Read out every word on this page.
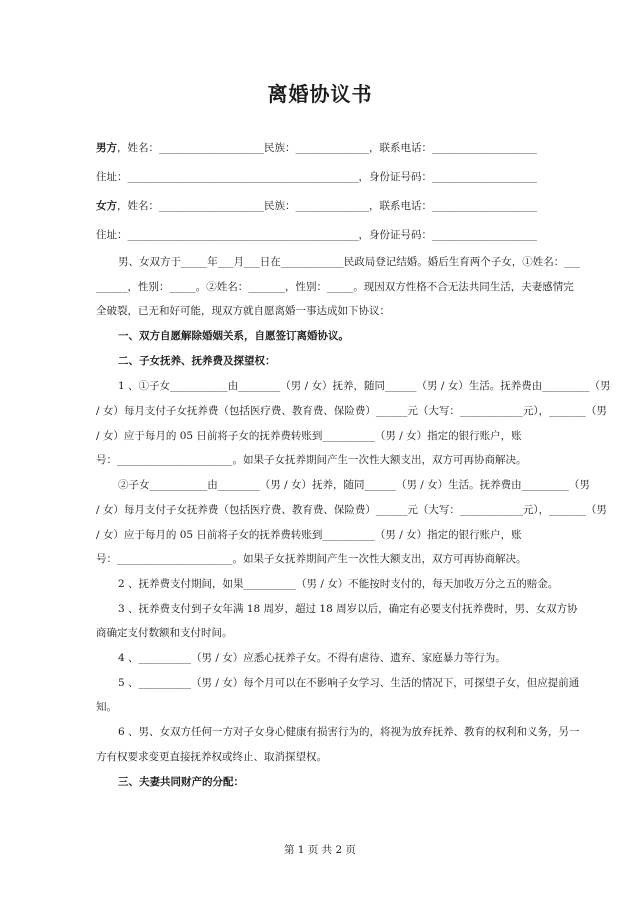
离婚协议书
男方，姓名：____________________民族：______________，联系电话：____________________
住址：____________________________________________，身份证号码：____________________
女方，姓名：____________________民族：______________，联系电话：____________________
住址：____________________________________________，身份证号码：____________________
男、女双方于_____年___月___日在____________民政局登记结婚。婚后生育两个子女，①姓名：___
______，性别：_____。②姓名：_______，性别：_____。现因双方性格不合无法共同生活，夫妻感情完
全破裂，已无和好可能，现双方就自愿离婚一事达成如下协议：
一、双方自愿解除婚姻关系，自愿签订离婚协议。
二、子女抚养、抚养费及探望权：
1 、①子女___________由________（男 / 女）抚养，随同______（男 / 女）生活。抚养费由_________（男
/ 女）每月支付子女抚养费（包括医疗费、教育费、保险费）______元（大写：____________元），_______（男
/ 女）应于每月的 05 日前将子女的抚养费转账到__________（男 / 女）指定的银行账户，账
号：______________________。如果子女抚养期间产生一次性大额支出，双方可再协商解决。
②子女___________由________（男 / 女）抚养，随同______（男 / 女）生活。抚养费由_________（男
/ 女）每月支付子女抚养费（包括医疗费、教育费、保险费）______元（大写：____________元），_______（男
/ 女）应于每月的 05 日前将子女的抚养费转账到__________（男 / 女）指定的银行账户，账
号：______________________。如果子女抚养期间产生一次性大额支出，双方可再协商解决。
2 、抚养费支付期间，如果__________（男 / 女）不能按时支付的，每天加收万分之五的赔金。
3 、抚养费支付到子女年满 18 周岁，超过 18 周岁以后，确定有必要支付抚养费时，男、女双方协
商确定支付数额和支付时间。
4 、__________（男 / 女）应悉心抚养子女。不得有虐待、遗弃、家庭暴力等行为。
5 、__________（男 / 女）每个月可以在不影响子女学习、生活的情况下，可探望子女，但应提前通
知。
6 、男、女双方任何一方对子女身心健康有损害行为的，将视为放弃抚养、教育的权利和义务，另一
方有权要求变更直接抚养权或终止、取消探望权。
三、夫妻共同财产的分配：
第 1 页 共 2 页
